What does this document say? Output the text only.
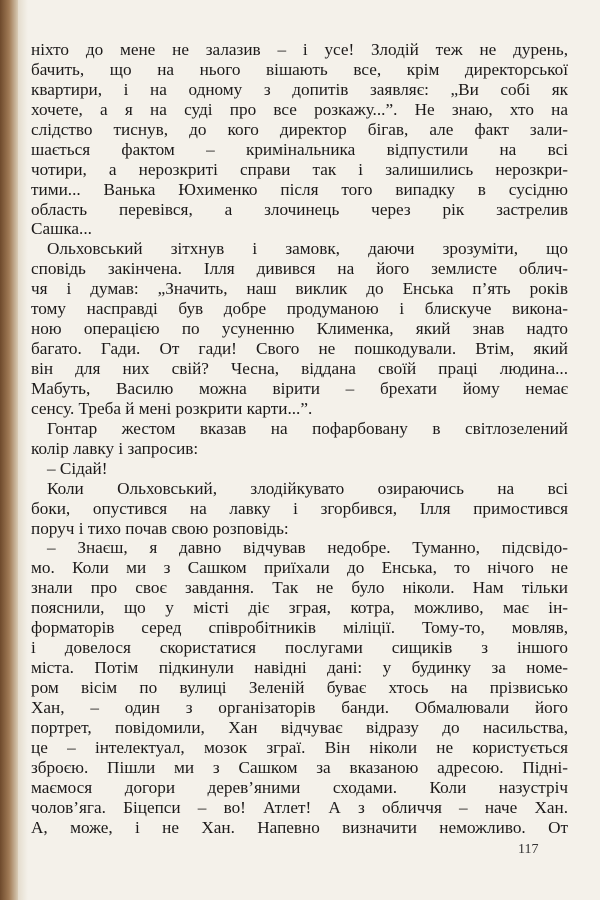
ніхто до мене не залазив – і усе! Злодій теж не дурень,
бачить, що на нього вішають все, крім директорської
квартири, і на одному з допитів заявляє: „Ви собі як
хочете, а я на суді про все розкажу...”. Не знаю, хто на
слідство тиснув, до кого директор бігав, але факт зали-
шається фактом – кримінальника відпустили на всі
чотири, а нерозкриті справи так і залишились нерозкри-
тими... Ванька Юхименко після того випадку в сусідню
область перевівся, а злочинець через рік застрелив
Сашка...
Ольховський зітхнув і замовк, даючи зрозуміти, що
сповідь закінчена. Ілля дивився на його землисте облич-
чя і думав: „Значить, наш виклик до Енська п’ять років
тому насправді був добре продуманою і блискуче викона-
ною операцією по усуненню Клименка, який знав надто
багато. Гади. От гади! Свого не пошкодували. Втім, який
він для них свій? Чесна, віддана своїй праці людина...
Мабуть, Василю можна вірити – брехати йому немає
сенсу. Треба й мені розкрити карти...”.
Гонтар жестом вказав на пофарбовану в світлозелений
колір лавку і запросив:
– Сідай!
Коли Ольховський, злодійкувато озираючись на всі
боки, опустився на лавку і згорбився, Ілля примостився
поруч і тихо почав свою розповідь:
– Знаєш, я давно відчував недобре. Туманно, підсвідо-
мо. Коли ми з Сашком приїхали до Енська, то нічого не
знали про своє завдання. Так не було ніколи. Нам тільки
пояснили, що у місті діє зграя, котра, можливо, має ін-
форматорів серед співробітників міліції. Тому-то, мовляв,
і довелося скористатися послугами сищиків з іншого
міста. Потім підкинули навідні дані: у будинку за номе-
ром вісім по вулиці Зеленій буває хтось на прізвисько
Хан, – один з організаторів банди. Обмалювали його
портрет, повідомили, Хан відчуває відразу до насильства,
це – інтелектуал, мозок зграї. Він ніколи не користується
зброєю. Пішли ми з Сашком за вказаною адресою. Підні-
маємося догори дерев’яними сходами. Коли назустріч
чолов’яга. Біцепси – во! Атлет! А з обличчя – наче Хан.
А, може, і не Хан. Напевно визначити неможливо. От
117
